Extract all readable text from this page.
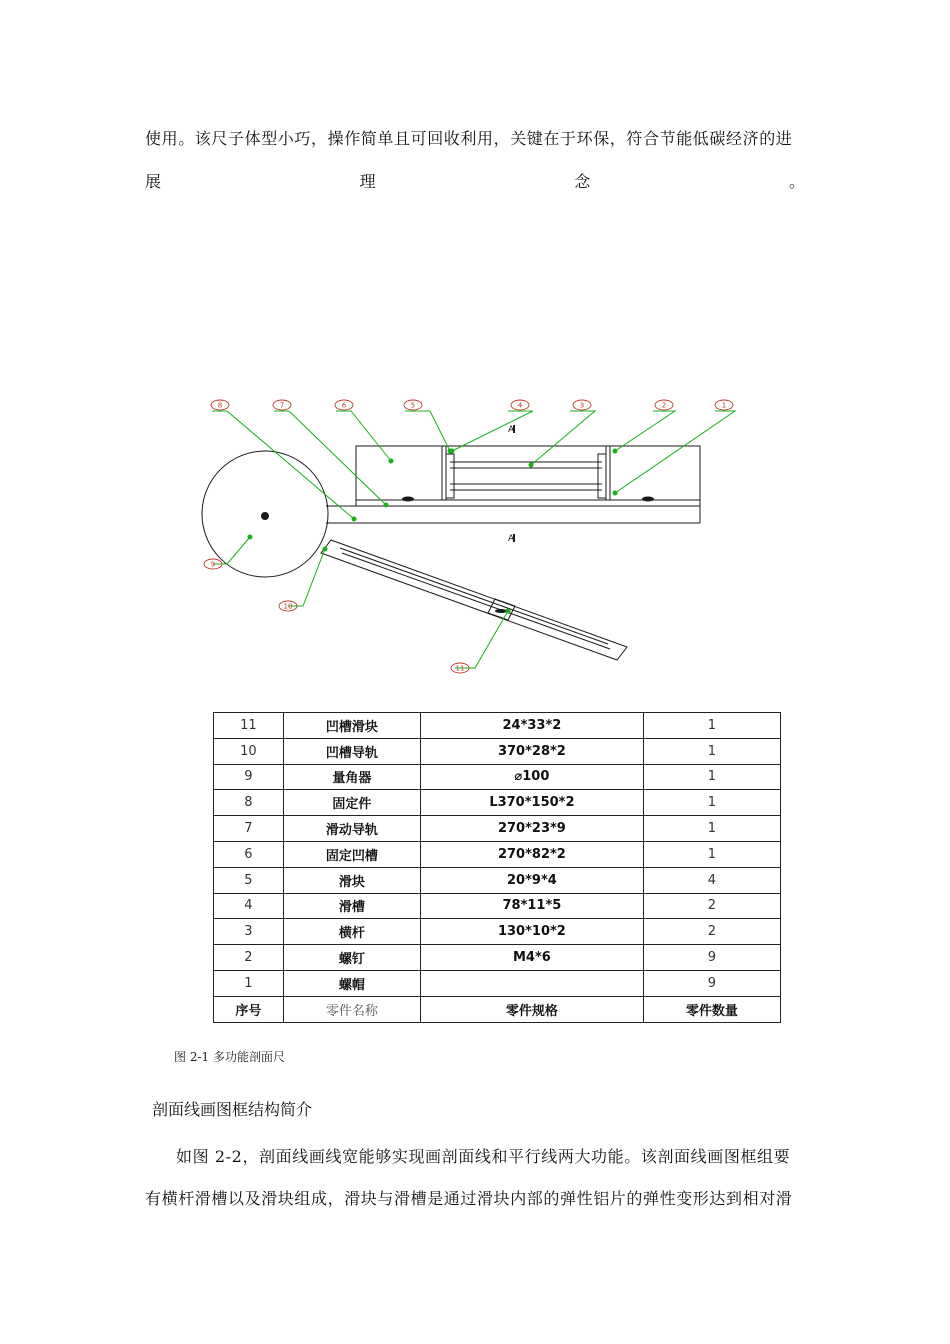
使用。该尺子体型小巧，操作简单且可回收利用，关键在于环保，符合节能低碳经济的进
展	理	念	。
8	7	6	5	4	3	2	1
9
10
11
A
A
11	凹槽滑块	24*33*2	1
10	凹槽导轨	370*28*2	1
9	量角器	⌀100	1
8	固定件	L370*150*2	1
7	滑动导轨	270*23*9	1
6	固定凹槽	270*82*2	1
5	滑块	20*9*4	4
4	滑槽	78*11*5	2
3	横杆	130*10*2	2
2	螺钉	M4*6	9
1	螺帽		9
序号	零件名称	零件规格	零件数量
图 2-1 多功能剖面尺
剖面线画图框结构简介
如图 2-2，剖面线画线宽能够实现画剖面线和平行线两大功能。该剖面线画图框组要
有横杆滑槽以及滑块组成，滑块与滑槽是通过滑块内部的弹性铝片的弹性变形达到相对滑
